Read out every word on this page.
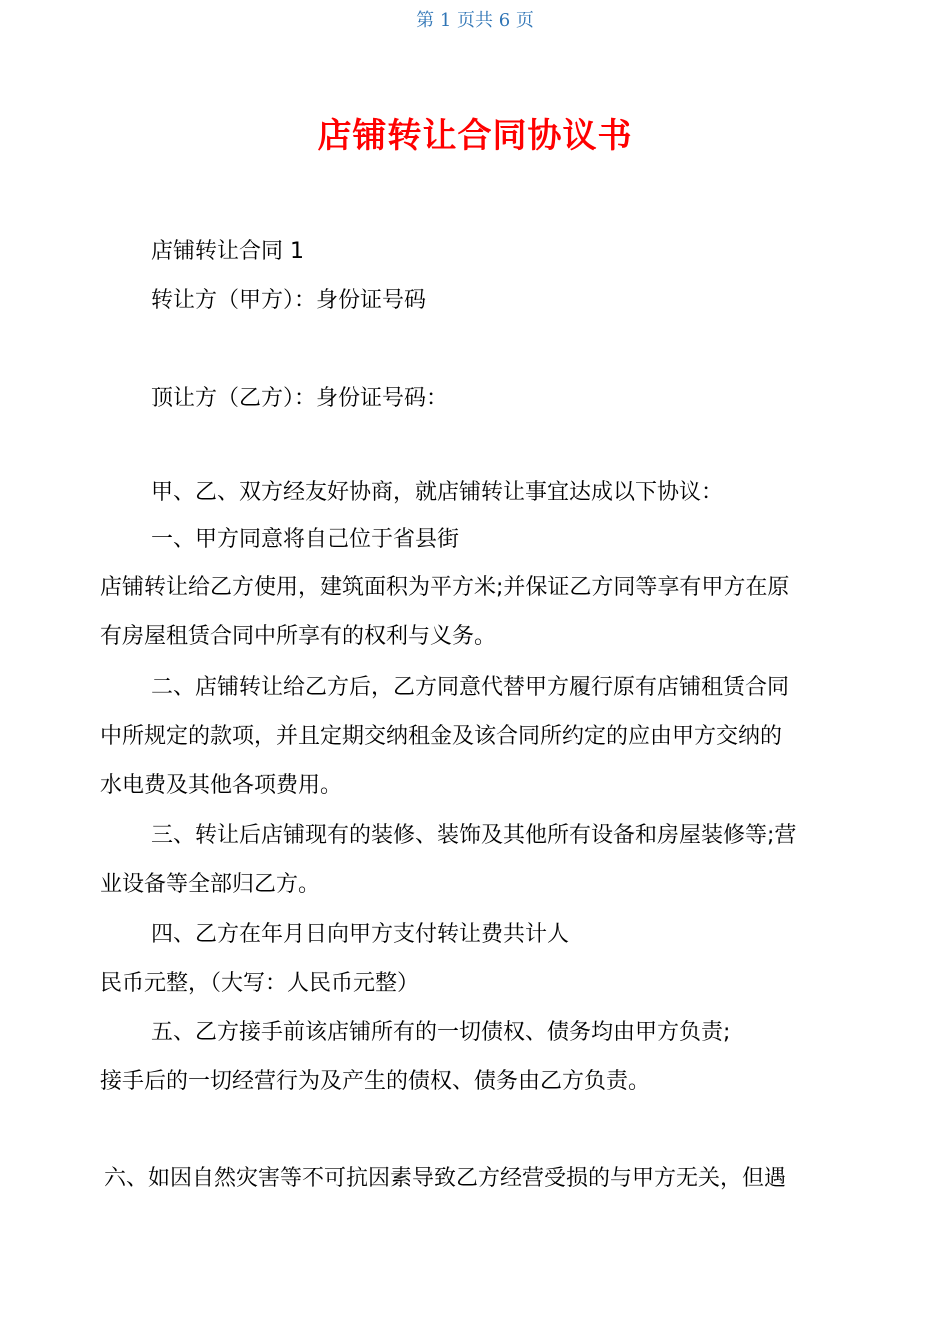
第 1 页共 6 页
店铺转让合同协议书
店铺转让合同 1
转让方（甲方）：身份证号码
顶让方（乙方）：身份证号码：
甲、乙、双方经友好协商，就店铺转让事宜达成以下协议：
一、甲方同意将自己位于省县街
店铺转让给乙方使用，建筑面积为平方米;并保证乙方同等享有甲方在原
有房屋租赁合同中所享有的权利与义务。
二、店铺转让给乙方后，乙方同意代替甲方履行原有店铺租赁合同
中所规定的款项，并且定期交纳租金及该合同所约定的应由甲方交纳的
水电费及其他各项费用。
三、转让后店铺现有的装修、装饰及其他所有设备和房屋装修等;营
业设备等全部归乙方。
四、乙方在年月日向甲方支付转让费共计人
民币元整，（大写：人民币元整）
五、乙方接手前该店铺所有的一切债权、债务均由甲方负责;
接手后的一切经营行为及产生的债权、债务由乙方负责。
六、如因自然灾害等不可抗因素导致乙方经营受损的与甲方无关，但遇
